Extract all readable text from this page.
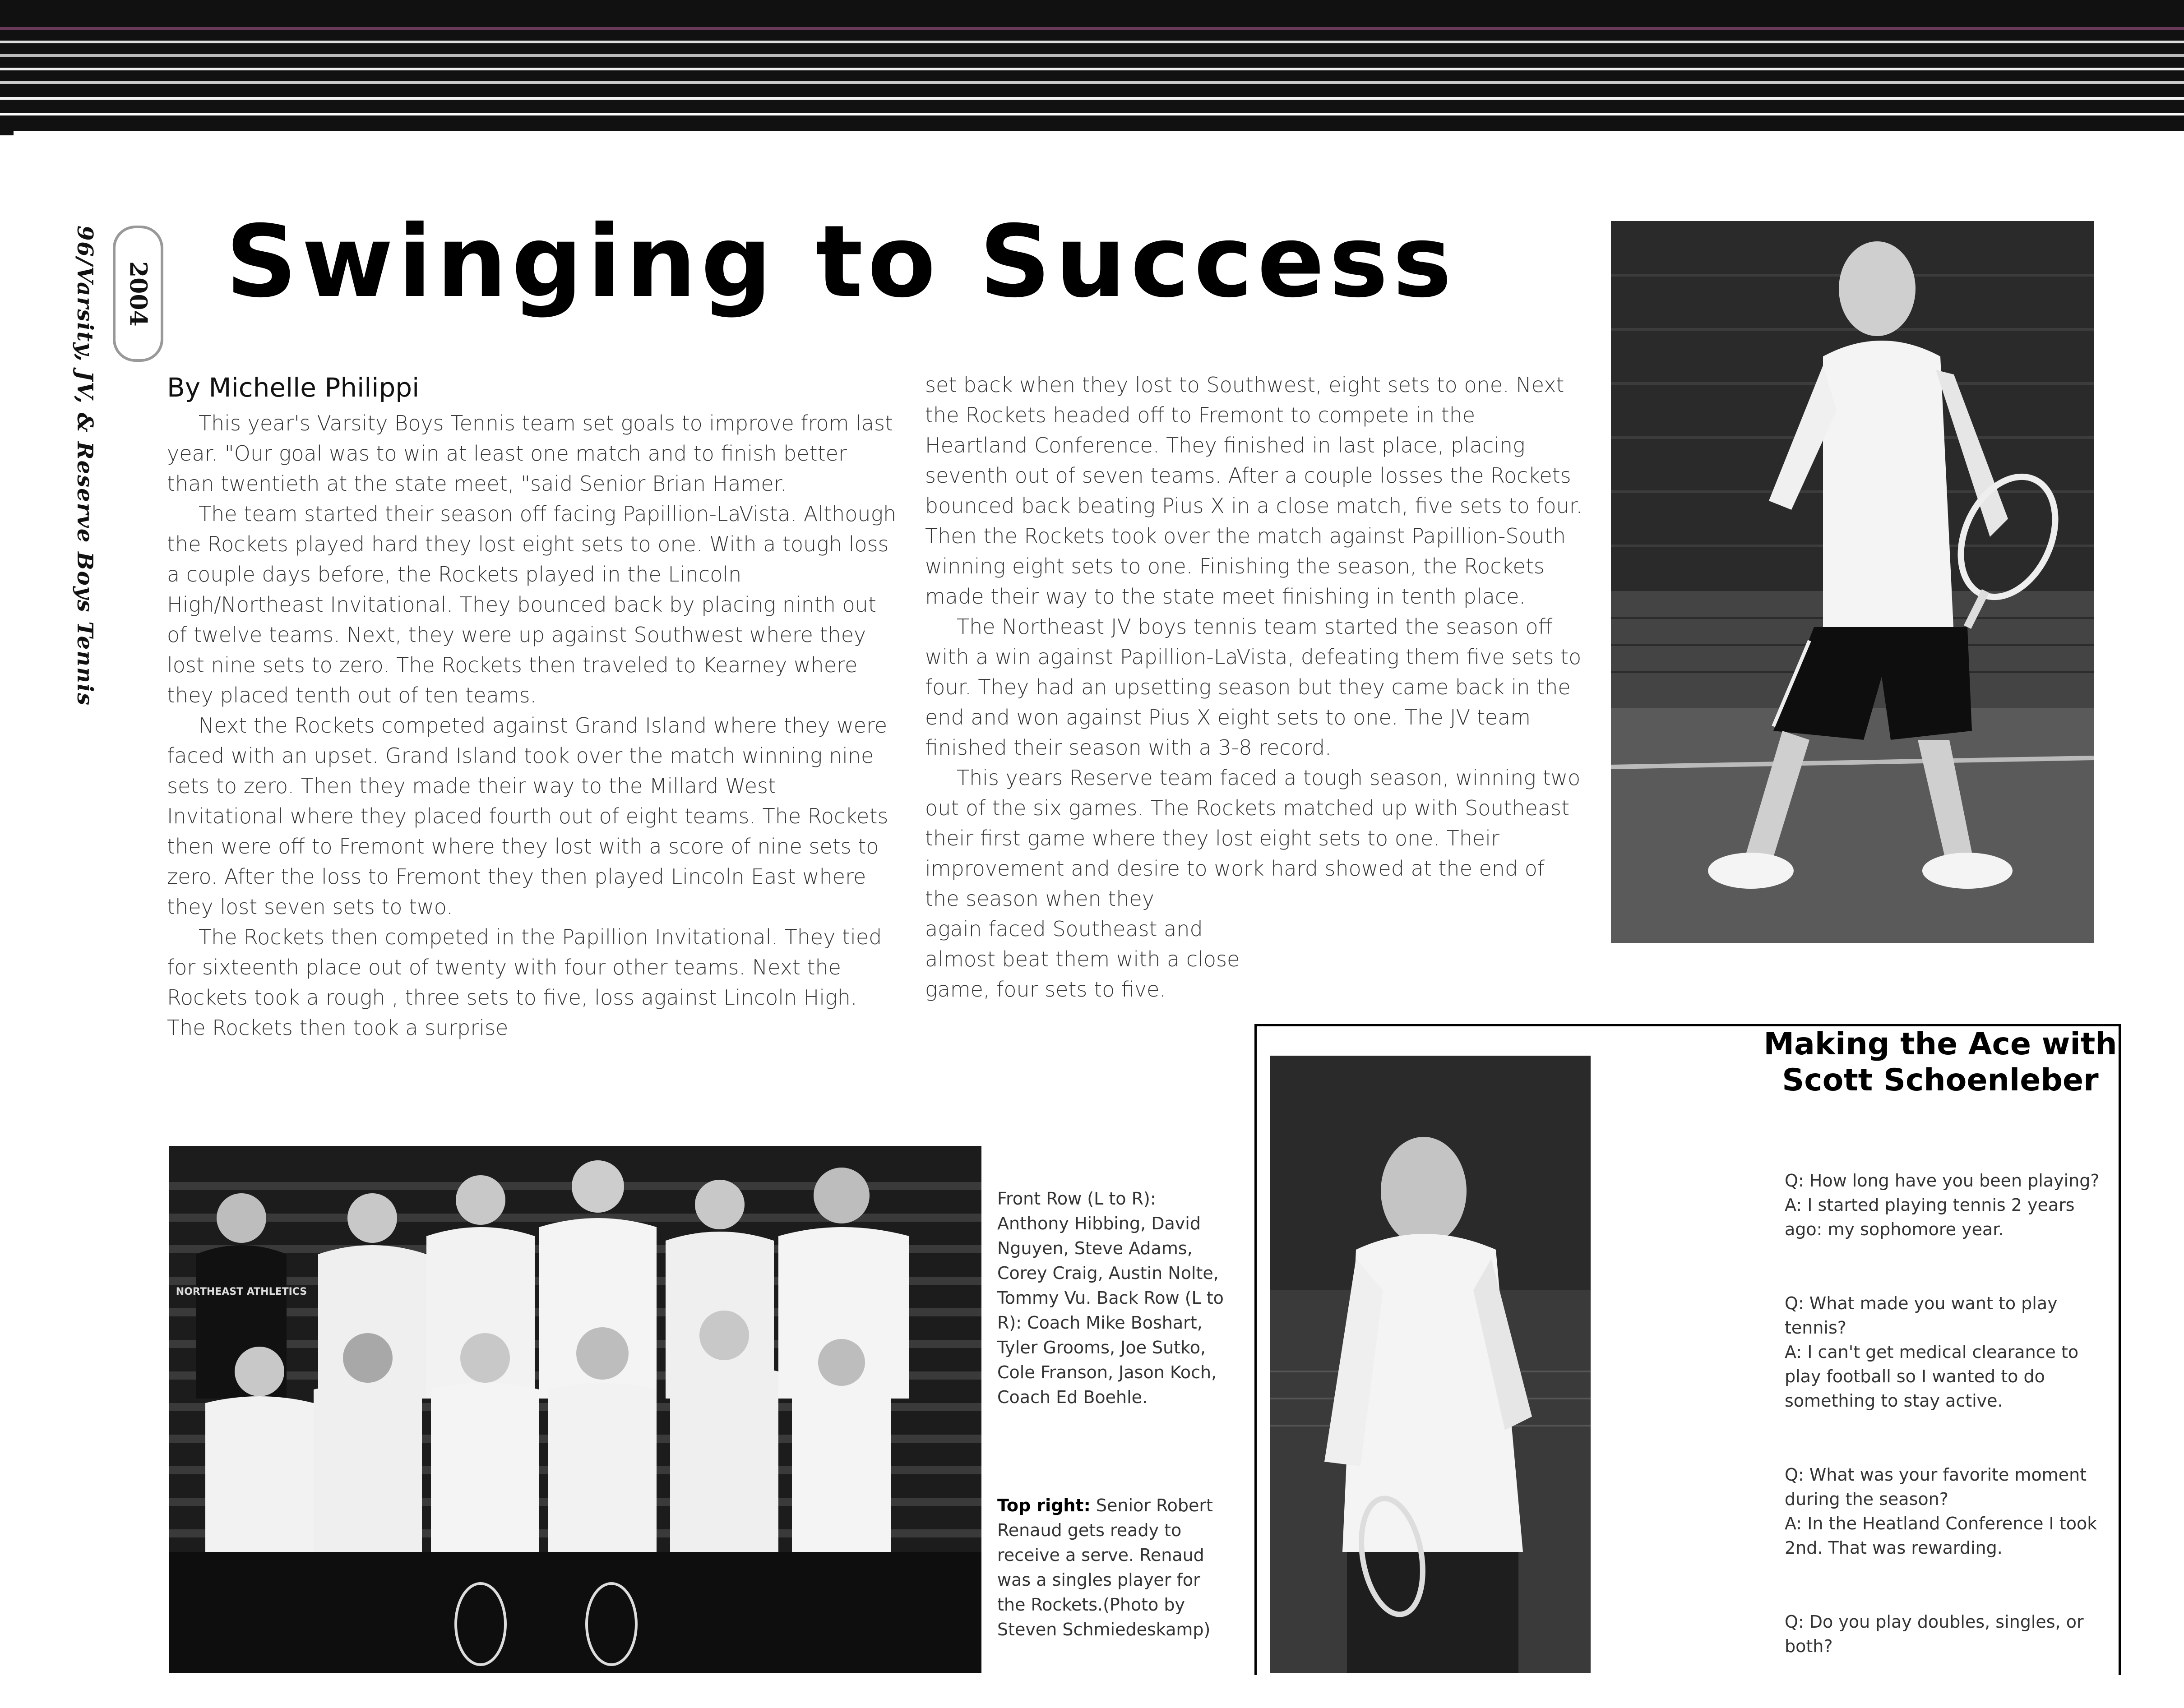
96/Varsity, JV, & Reserve Boys Tennis 2004 Swinging to Success
By Michelle Philippi

This year's Varsity Boys Tennis team set goals to improve from last year. "Our goal was to win at least one match and to finish better than twentieth at the state meet, "said Senior Brian Hamer.

The team started their season off facing Papillion-LaVista. Although the Rockets played hard they lost eight sets to one. With a tough loss a couple days before, the Rockets played in the Lincoln High/Northeast Invitational. They bounced back by placing ninth out of twelve teams. Next, they were up against Southwest where they lost nine sets to zero. The Rockets then traveled to Kearney where they placed tenth out of ten teams.

Next the Rockets competed against Grand Island where they were faced with an upset. Grand Island took over the match winning nine sets to zero. Then they made their way to the Millard West Invitational where they placed fourth out of eight teams. The Rockets then were off to Fremont where they lost with a score of nine sets to zero. After the loss to Fremont they then played Lincoln East where they lost seven sets to two.

The Rockets then competed in the Papillion Invitational. They tied for sixteenth place out of twenty with four other teams. Next the Rockets took a rough , three sets to five, loss against Lincoln High. The Rockets then took a surprise

set back when they lost to Southwest, eight sets to one. Next the Rockets headed off to Fremont to compete in the Heartland Conference. They finished in last place, placing seventh out of seven teams. After a couple losses the Rockets bounced back beating Pius X in a close match, five sets to four. Then the Rockets took over the match against Papillion-South winning eight sets to one. Finishing the season, the Rockets made their way to the state meet finishing in tenth place.

The Northeast JV boys tennis team started the season off with a win against Papillion-LaVista, defeating them five sets to four. They had an upsetting season but they came back in the end and won against Pius X eight sets to one. The JV team finished their season with a 3-8 record.

This years Reserve team faced a tough season, winning two out of the six games. The Rockets matched up with Southeast their first game where they lost eight sets to one. Their improvement and desire to work hard showed at the end of the season when they

again faced Southeast and almost beat them with a close game, four sets to five.

NORTHEAST ATHLETICS
Front Row (L to R): Anthony Hibbing, David Nguyen, Steve Adams, Corey Craig, Austin Nolte, Tommy Vu. Back Row (L to R): Coach Mike Boshart, Tyler Grooms, Joe Sutko, Cole Franson, Jason Koch, Coach Ed Boehle.
Top right: Senior Robert Renaud gets ready to receive a serve. Renaud was a singles player for the Rockets.(Photo by Steven Schmiedeskamp)
Making the Ace with Scott Schoenleber
Q: How long have you been playing?
A: I started playing tennis 2 years ago: my sophomore year.
Q: What made you want to play tennis?
A: I can't get medical clearance to play football so I wanted to do something to stay active.
Q: What was your favorite moment during the season?
A: In the Heatland Conference I took 2nd. That was rewarding.
Q: Do you play doubles, singles, or both?
